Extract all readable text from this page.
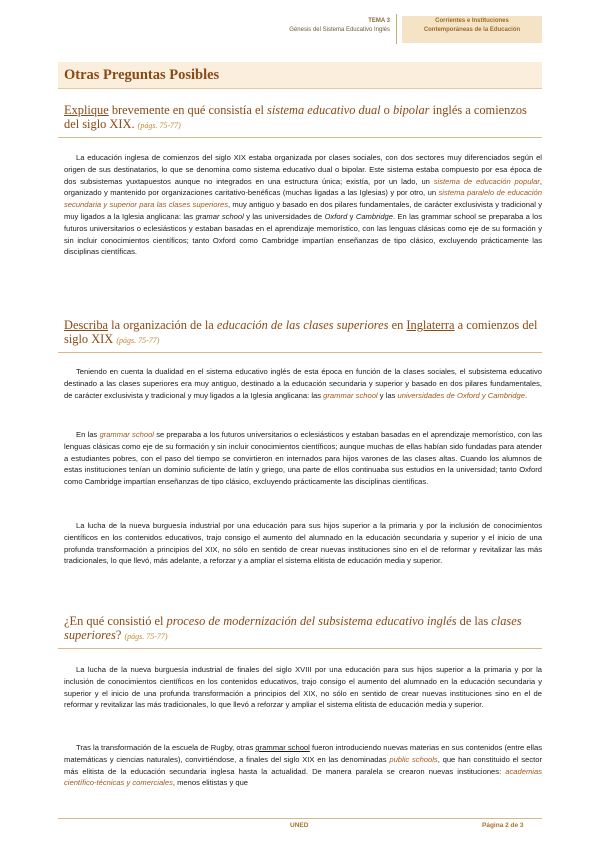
TEMA 3
Génesis del Sistema Educativo Inglés
Corrientes e Instituciones
Contemporáneas de la Educación
Otras Preguntas Posibles
Explique brevemente en qué consistía el sistema educativo dual o bipolar inglés a comienzos del siglo XIX. (págs. 75-77)
La educación inglesa de comienzos del siglo XIX estaba organizada por clases sociales, con dos sectores muy diferenciados según el origen de sus destinatarios, lo que se denomina como sistema educativo dual o bipolar. Este sistema estaba compuesto por esa época de dos subsistemas yuxtapuestos aunque no integrados en una estructura única; existía, por un lado, un sistema de educación popular, organizado y mantenido por organizaciones caritativo-benéficas (muchas ligadas a las Iglesias) y por otro, un sistema paralelo de educación secundaria y superior para las clases superiores, muy antiguo y basado en dos pilares fundamentales, de carácter exclusivista y tradicional y muy ligados a la Iglesia anglicana: las gramar school y las universidades de Oxford y Cambridge. En las grammar school se preparaba a los futuros universitarios o eclesiásticos y estaban basadas en el aprendizaje memorístico, con las lenguas clásicas como eje de su formación y sin incluir conocimientos científicos; tanto Oxford como Cambridge impartían enseñanzas de tipo clásico, excluyendo prácticamente las disciplinas científicas.
Describa la organización de la educación de las clases superiores en Inglaterra a comienzos del siglo XIX (págs. 75-77)
Teniendo en cuenta la dualidad en el sistema educativo inglés de esta época en función de la clases sociales, el subsistema educativo destinado a las clases superiores era muy antiguo, destinado a la educación secundaria y superior y basado en dos pilares fundamentales, de carácter exclusivista y tradicional y muy ligados a la Iglesia anglicana: las grammar school y las universidades de Oxford y Cambridge.
En las grammar school se preparaba a los futuros universitarios o eclesiásticos y estaban basadas en el aprendizaje memorístico, con las lenguas clásicas como eje de su formación y sin incluir conocimientos científicos; aunque muchas de ellas habían sido fundadas para atender a estudiantes pobres, con el paso del tiempo se convirtieron en internados para hijos varones de las clases altas. Cuando los alumnos de estas instituciones tenían un dominio suficiente de latín y griego, una parte de ellos continuaba sus estudios en la universidad; tanto Oxford como Cambridge impartían enseñanzas de tipo clásico, excluyendo prácticamente las disciplinas científicas.
La lucha de la nueva burguesía industrial por una educación para sus hijos superior a la primaria y por la inclusión de conocimientos científicos en los contenidos educativos, trajo consigo el aumento del alumnado en la educación secundaria y superior y el inicio de una profunda transformación a principios del XIX, no sólo en sentido de crear nuevas instituciones sino en el de reformar y revitalizar las más tradicionales, lo que llevó, más adelante, a reforzar y a ampliar el sistema elitista de educación media y superior.
¿En qué consistió el proceso de modernización del subsistema educativo inglés de las clases superiores? (págs. 75-77)
La lucha de la nueva burguesía industrial de finales del siglo XVIII por una educación para sus hijos superior a la primaria y por la inclusión de conocimientos científicos en los contenidos educativos, trajo consigo el aumento del alumnado en la educación secundaria y superior y el inicio de una profunda transformación a principios del XIX, no sólo en sentido de crear nuevas instituciones sino en el de reformar y revitalizar las más tradicionales, lo que llevó a reforzar y ampliar el sistema elitista de educación media y superior.
Tras la transformación de la escuela de Rugby, otras grammar school fueron introduciendo nuevas materias en sus contenidos (entre ellas matemáticas y ciencias naturales), convirtiéndose, a finales del siglo XIX en las denominadas public schools, que han constituido el sector más elitista de la educación secundaria inglesa hasta la actualidad. De manera paralela se crearon nuevas instituciones: academias científico-técnicas y comerciales, menos elitistas y que
UNED	Página 2 de 3
